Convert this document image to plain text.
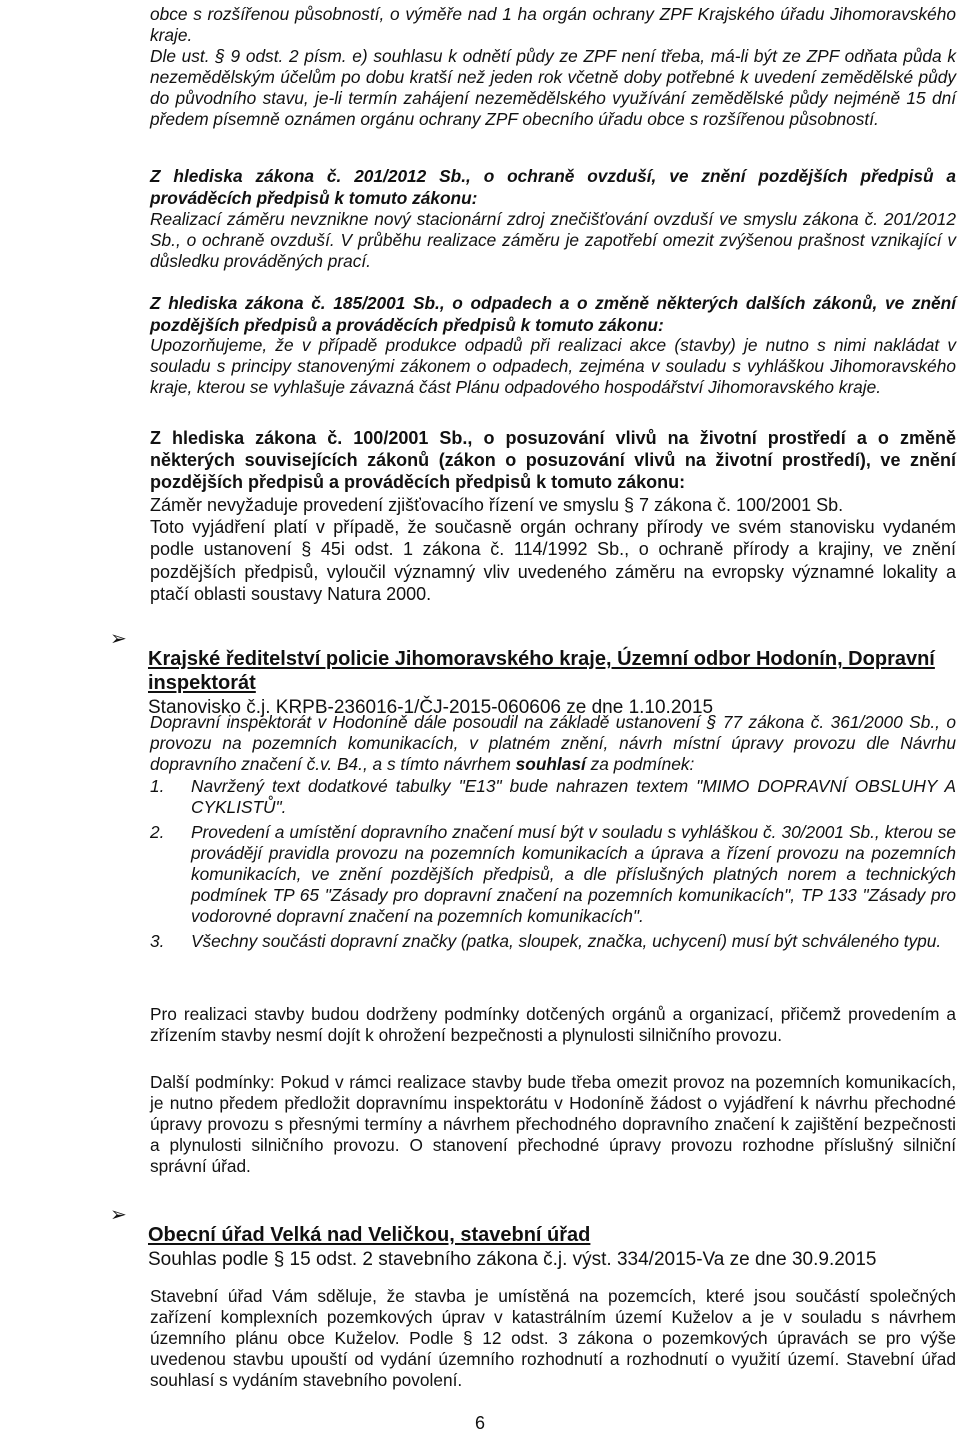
obce s rozšířenou působností, o výměře nad 1 ha orgán ochrany ZPF Krajského úřadu Jihomoravského kraje.

Dle ust. § 9 odst. 2 písm. e) souhlasu k odnětí půdy ze ZPF není třeba, má-li být ze ZPF odňata půda k nezemědělským účelům po dobu kratší než jeden rok včetně doby potřebné k uvedení zemědělské půdy do původního stavu, je-li termín zahájení nezemědělského využívání zemědělské půdy nejméně 15 dní předem písemně oznámen orgánu ochrany ZPF obecního úřadu obce s rozšířenou působností.

Z hlediska zákona č. 201/2012 Sb., o ochraně ovzduší, ve znění pozdějších předpisů a prováděcích předpisů k tomuto zákonu:

Realizací záměru nevznikne nový stacionární zdroj znečišťování ovzduší ve smyslu zákona č. 201/2012 Sb., o ochraně ovzduší. V průběhu realizace záměru je zapotřebí omezit zvýšenou prašnost vznikající v důsledku prováděných prací.

Z hlediska zákona č. 185/2001 Sb., o odpadech a o změně některých dalších zákonů, ve znění pozdějších předpisů a prováděcích předpisů k tomuto zákonu:

Upozorňujeme, že v případě produkce odpadů při realizaci akce (stavby) je nutno s nimi nakládat v souladu s principy stanovenými zákonem o odpadech, zejména v souladu s vyhláškou Jihomoravského kraje, kterou se vyhlašuje závazná část Plánu odpadového hospodářství Jihomoravského kraje.

Z hlediska zákona č. 100/2001 Sb., o posuzování vlivů na životní prostředí a o změně některých souvisejících zákonů (zákon o posuzování vlivů na životní prostředí), ve znění pozdějších předpisů a prováděcích předpisů k tomuto zákonu:

Záměr nevyžaduje provedení zjišťovacího řízení ve smyslu § 7 zákona č. 100/2001 Sb.

Toto vyjádření platí v případě, že současně orgán ochrany přírody ve svém stanovisku vydaném podle ustanovení § 45i odst. 1 zákona č. 114/1992 Sb., o ochraně přírody a krajiny, ve znění pozdějších předpisů, vyloučil významný vliv uvedeného záměru na evropsky významné lokality a ptačí oblasti soustavy Natura 2000.

➢

Krajské ředitelství policie Jihomoravského kraje, Územní odbor Hodonín, Dopravní inspektorát

Stanovisko č.j. KRPB-236016-1/ČJ-2015-060606 ze dne 1.10.2015

Dopravní inspektorát v Hodoníně dále posoudil na základě ustanovení § 77 zákona č. 361/2000 Sb., o provozu na pozemních komunikacích, v platném znění, návrh místní úpravy provozu dle Návrhu dopravního značení č.v. B4., a s tímto návrhem souhlasí za podmínek:

1. Navržený text dodatkové tabulky "E13" bude nahrazen textem "MIMO DOPRAVNÍ OBSLUHY A CYKLISTŮ".
2. Provedení a umístění dopravního značení musí být v souladu s vyhláškou č. 30/2001 Sb., kterou se provádějí pravidla provozu na pozemních komunikacích a úprava a řízení provozu na pozemních komunikacích, ve znění pozdějších předpisů, a dle příslušných platných norem a technických podmínek TP 65 "Zásady pro dopravní značení na pozemních komunikacích", TP 133 "Zásady pro vodorovné dopravní značení na pozemních komunikacích".
3. Všechny součásti dopravní značky (patka, sloupek, značka, uchycení) musí být schváleného typu.

Pro realizaci stavby budou dodrženy podmínky dotčených orgánů a organizací, přičemž provedením a zřízením stavby nesmí dojít k ohrožení bezpečnosti a plynulosti silničního provozu.

Další podmínky: Pokud v rámci realizace stavby bude třeba omezit provoz na pozemních komunikacích, je nutno předem předložit dopravnímu inspektorátu v Hodoníně žádost o vyjádření k návrhu přechodné úpravy provozu s přesnými termíny a návrhem přechodného dopravního značení k zajištění bezpečnosti a plynulosti silničního provozu. O stanovení přechodné úpravy provozu rozhodne příslušný silniční správní úřad.

➢

Obecní úřad Velká nad Veličkou, stavební úřad

Souhlas podle § 15 odst. 2 stavebního zákona č.j. výst. 334/2015-Va ze dne 30.9.2015

Stavební úřad Vám sděluje, že stavba je umístěná na pozemcích, které jsou součástí společných zařízení komplexních pozemkových úprav v katastrálním území Kuželov a je v souladu s návrhem územního plánu obce Kuželov. Podle § 12 odst. 3 zákona o pozemkových úpravách se pro výše uvedenou stavbu upouští od vydání územního rozhodnutí a rozhodnutí o využití území. Stavební úřad souhlasí s vydáním stavebního povolení.

6
